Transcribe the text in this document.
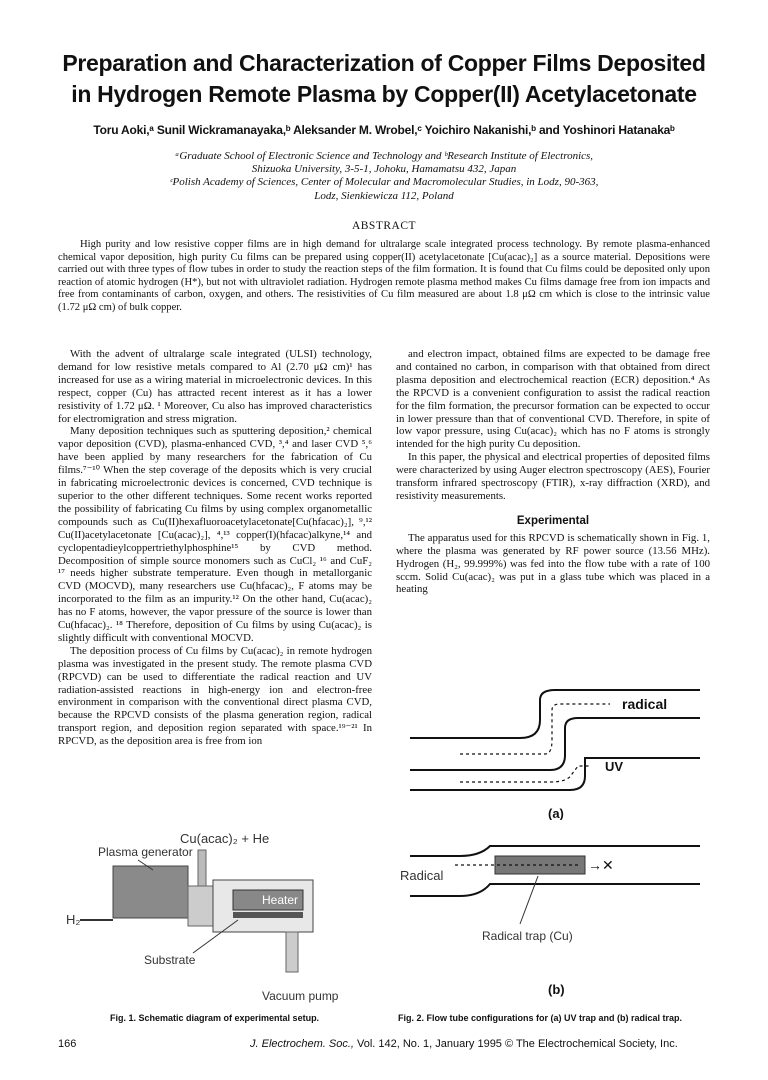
Preparation and Characterization of Copper Films Deposited
in Hydrogen Remote Plasma by Copper(II) Acetylacetonate
Toru Aoki,ᵃ Sunil Wickramanayaka,ᵇ Aleksander M. Wrobel,ᶜ Yoichiro Nakanishi,ᵇ and Yoshinori Hatanakaᵇ
ᵃGraduate School of Electronic Science and Technology and ᵇResearch Institute of Electronics,
Shizuoka University, 3-5-1, Johoku, Hamamatsu 432, Japan
ᶜPolish Academy of Sciences, Center of Molecular and Macromolecular Studies, in Lodz, 90-363,
Lodz, Sienkiewicza 112, Poland
ABSTRACT
High purity and low resistive copper films are in high demand for ultralarge scale integrated process technology. By remote plasma-enhanced chemical vapor deposition, high purity Cu films can be prepared using copper(II) acetylacetonate [Cu(acac)₂] as a source material. Depositions were carried out with three types of flow tubes in order to study the reaction steps of the film formation. It is found that Cu films could be deposited only upon reaction of atomic hydrogen (H*), but not with ultraviolet radiation. Hydrogen remote plasma method makes Cu films damage free from ion impacts and free from contaminants of carbon, oxygen, and others. The resistivities of Cu film measured are about 1.8 μΩ cm which is close to the intrinsic value (1.72 μΩ cm) of bulk copper.

With the advent of ultralarge scale integrated (ULSI) technology, demand for low resistive metals compared to Al (2.70 μΩ cm)¹ has increased for use as a wiring material in microelectronic devices. In this respect, copper (Cu) has attracted recent interest as it has a lower resistivity of 1.72 μΩ. ¹ Moreover, Cu also has improved characteristics for electromigration and stress migration.

Many deposition techniques such as sputtering deposition,² chemical vapor deposition (CVD), plasma-enhanced CVD, ³,⁴ and laser CVD ⁵,⁶ have been applied by many researchers for the fabrication of Cu films.⁷⁻¹⁰ When the step coverage of the deposits which is very crucial in fabricating microelectronic devices is concerned, CVD technique is superior to the other different techniques. Some recent works reported the possibility of fabricating Cu films by using complex organometallic compounds such as Cu(II)hexafluoroacetylacetonate[Cu(hfacac)₂], ⁹,¹² Cu(II)acetylacetonate [Cu(acac)₂], ⁴,¹³ copper(I)(hfacac)alkyne,¹⁴ and cyclopentadieylcoppertriethylphosphine¹⁵ by CVD method. Decomposition of simple source monomers such as CuCl₂ ¹⁶ and CuF₂ ¹⁷ needs higher substrate temperature. Even though in metallorganic CVD (MOCVD), many researchers use Cu(hfacac)₂, F atoms may be incorporated to the film as an impurity.¹² On the other hand, Cu(acac)₂ has no F atoms, however, the vapor pressure of the source is lower than Cu(hfacac)₂. ¹⁸ Therefore, deposition of Cu films by using Cu(acac)₂ is slightly difficult with conventional MOCVD.

The deposition process of Cu films by Cu(acac)₂ in remote hydrogen plasma was investigated in the present study. The remote plasma CVD (RPCVD) can be used to differentiate the radical reaction and UV radiation-assisted reactions in high-energy ion and electron-free environment in comparison with the conventional direct plasma CVD, because the RPCVD consists of the plasma generation region, radical transport region, and deposition region separated with space.¹⁹⁻²¹ In RPCVD, as the deposition area is free from ion

and electron impact, obtained films are expected to be damage free and contained no carbon, in comparison with that obtained from direct plasma deposition and electrochemical reaction (ECR) deposition.⁴ As the RPCVD is a convenient configuration to assist the radical reaction for the film formation, the precursor formation can be expected to occur in lower pressure than that of conventional CVD. Therefore, in spite of low vapor pressure, using Cu(acac)₂ which has no F atoms is strongly intended for the high purity Cu deposition.

In this paper, the physical and electrical properties of deposited films were characterized by using Auger electron spectroscopy (AES), Fourier transform infrared spectroscopy (FTIR), x-ray diffraction (XRD), and resistivity measurements.

Experimental

The apparatus used for this RPCVD is schematically shown in Fig. 1, where the plasma was generated by RF power source (13.56 MHz). Hydrogen (H₂, 99.999%) was fed into the flow tube with a rate of 100 sccm. Solid Cu(acac)₂ was put in a glass tube which was placed in a heating

Cu(acac)₂ + He
Plasma generator
H₂
Heater
Substrate
Vacuum pump
radical
UV
(a)
Radical
→✕
Radical trap (Cu)
(b)
Fig. 1. Schematic diagram of experimental setup.	Fig. 2. Flow tube configurations for (a) UV trap and (b) radical trap.
166	J. Electrochem. Soc., Vol. 142, No. 1, January 1995 © The Electrochemical Society, Inc.
